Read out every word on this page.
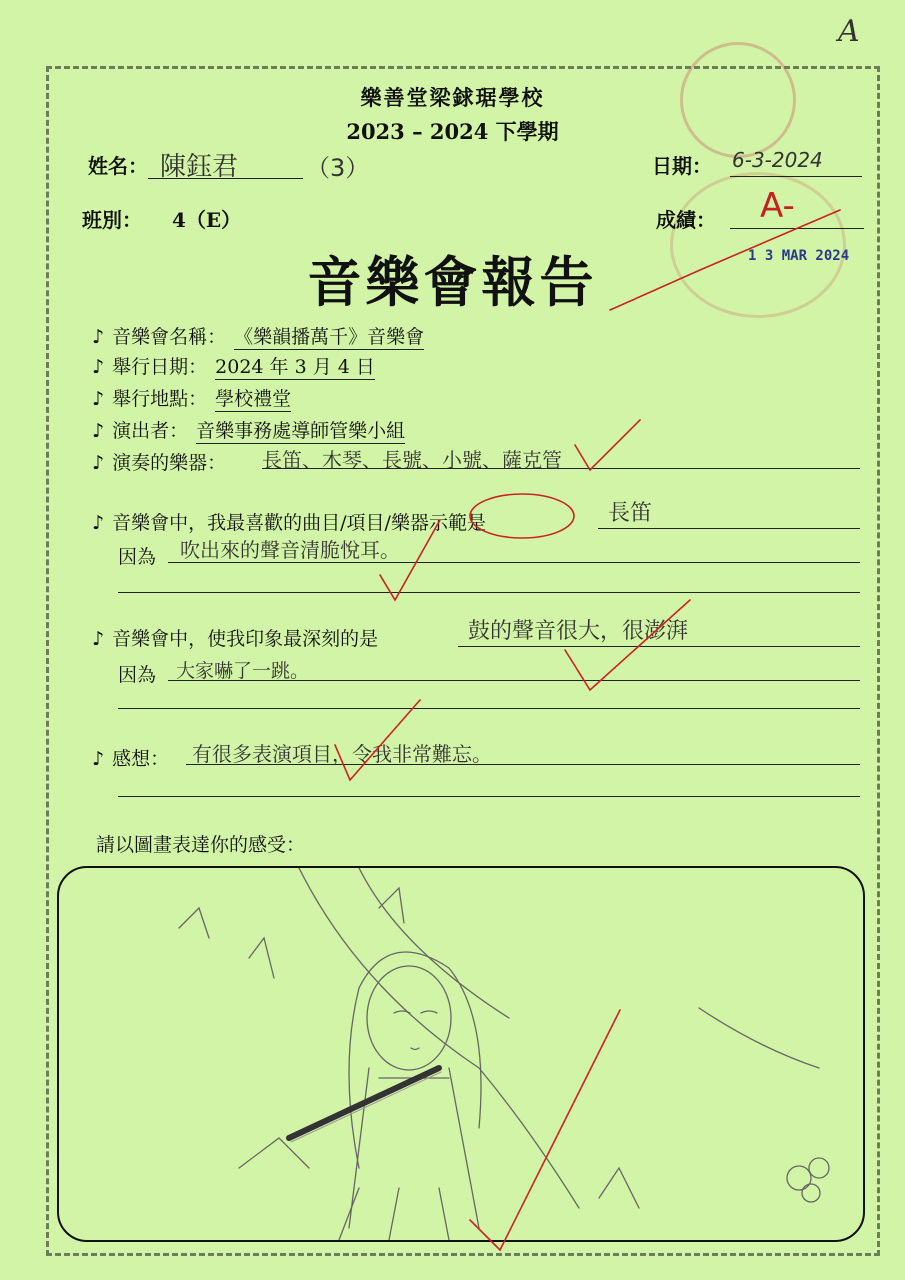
A
樂善堂梁銶琚學校
2023 – 2024 下學期
姓名： 陳鈺君	（3）	日期： 6-3-2024
班別： 4（E）	成績： A-
1 3 MAR 2024
音樂會報告
♪ 音樂會名稱： 《樂韻播萬千》音樂會
♪ 舉行日期： 2024 年 3 月 4 日
♪ 舉行地點： 學校禮堂
♪ 演出者： 音樂事務處導師管樂小組
♪ 演奏的樂器： 長笛、木琴、長號、小號、薩克管
♪ 音樂會中，我最喜歡的曲目/項目/樂器示範是	長笛
因為 吹出來的聲音清脆悅耳。
♪ 音樂會中，使我印象最深刻的是	鼓的聲音很大，很澎湃
因為 大家嚇了一跳。
♪ 感想： 有很多表演項目，令我非常難忘。
請以圖畫表達你的感受：
